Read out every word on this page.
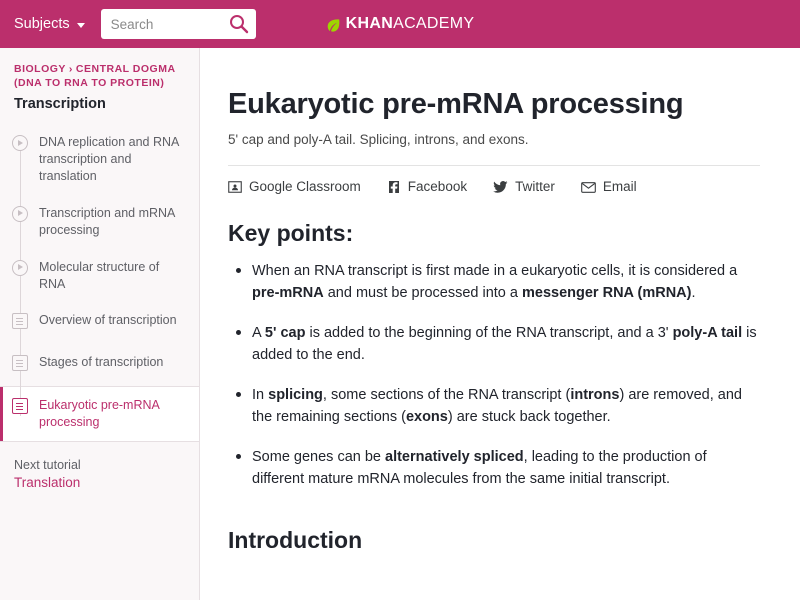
Subjects
Search	KHAN ACADEMY
BIOLOGY › CENTRAL DOGMA (DNA TO RNA TO PROTEIN)
Transcription
DNA replication and RNA transcription and translation
Transcription and mRNA processing
Molecular structure of RNA
Overview of transcription
Stages of transcription
Eukaryotic pre-mRNA processing
Next tutorial
Translation
Eukaryotic pre-mRNA processing
5' cap and poly-A tail. Splicing, introns, and exons.
Google Classroom	Facebook	Twitter	Email
Key points:
When an RNA transcript is first made in a eukaryotic cells, it is considered a pre-mRNA and must be processed into a messenger RNA (mRNA).
A 5' cap is added to the beginning of the RNA transcript, and a 3' poly-A tail is added to the end.
In splicing, some sections of the RNA transcript (introns) are removed, and the remaining sections (exons) are stuck back together.
Some genes can be alternatively spliced, leading to the production of different mature mRNA molecules from the same initial transcript.
Introduction
